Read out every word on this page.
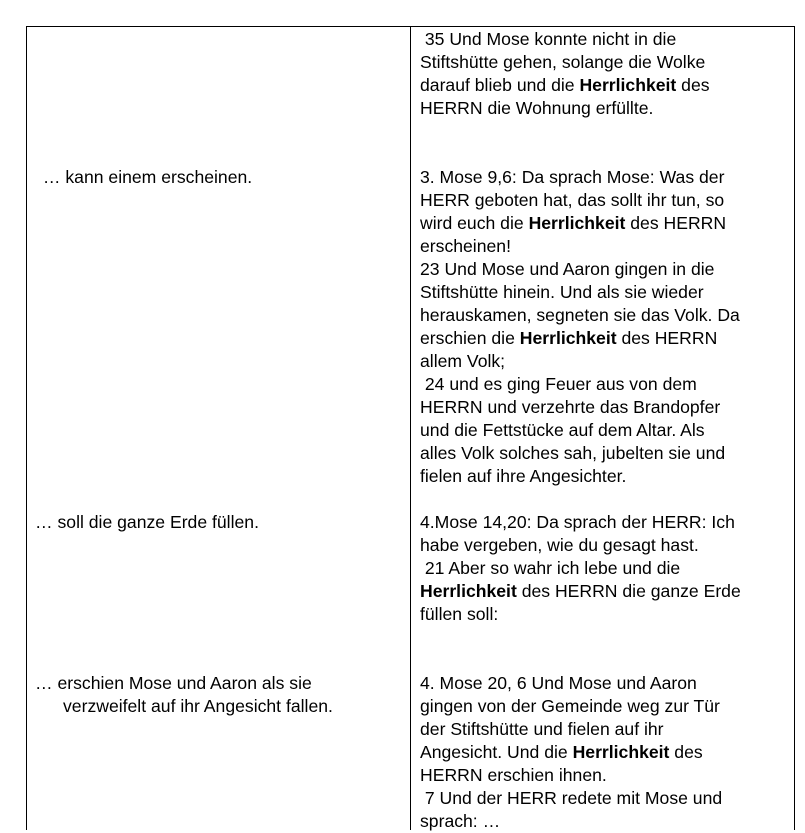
35 Und Mose konnte nicht in die
Stiftshütte gehen, solange die Wolke
darauf blieb und die Herrlichkeit des
HERRN die Wohnung erfüllte.
… kann einem erscheinen.	3. Mose 9,6: Da sprach Mose: Was der
HERR geboten hat, das sollt ihr tun, so
wird euch die Herrlichkeit des HERRN
erscheinen!
23 Und Mose und Aaron gingen in die
Stiftshütte hinein. Und als sie wieder
herauskamen, segneten sie das Volk. Da
erschien die Herrlichkeit des HERRN
allem Volk;
24 und es ging Feuer aus von dem
HERRN und verzehrte das Brandopfer
und die Fettstücke auf dem Altar. Als
alles Volk solches sah, jubelten sie und
fielen auf ihre Angesichter.
… soll die ganze Erde füllen.	4.Mose 14,20: Da sprach der HERR: Ich
habe vergeben, wie du gesagt hast.
21 Aber so wahr ich lebe und die
Herrlichkeit des HERRN die ganze Erde
füllen soll:
… erschien Mose und Aaron als sie
verzweifelt auf ihr Angesicht fallen.
4. Mose 20, 6 Und Mose und Aaron
gingen von der Gemeinde weg zur Tür
der Stiftshütte und fielen auf ihr
Angesicht. Und die Herrlichkeit des
HERRN erschien ihnen.
7 Und der HERR redete mit Mose und
sprach: …
